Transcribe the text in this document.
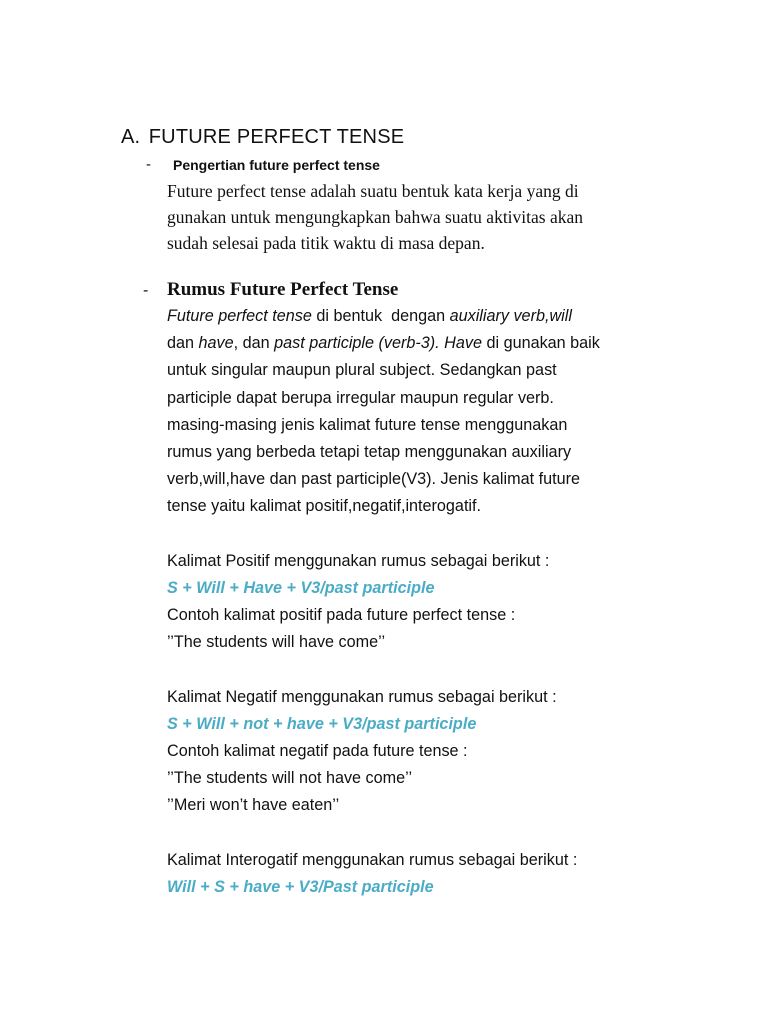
A. FUTURE PERFECT TENSE
- Pengertian future perfect tense
Future perfect tense adalah suatu bentuk kata kerja yang di
gunakan untuk mengungkapkan bahwa suatu aktivitas akan
sudah selesai pada titik waktu di masa depan.
- Rumus Future Perfect Tense
Future perfect tense di bentuk  dengan auxiliary verb,will
dan have, dan past participle (verb-3). Have di gunakan baik
untuk singular maupun plural subject. Sedangkan past
participle dapat berupa irregular maupun regular verb.
masing-masing jenis kalimat future tense menggunakan
rumus yang berbeda tetapi tetap menggunakan auxiliary
verb,will,have dan past participle(V3). Jenis kalimat future
tense yaitu kalimat positif,negatif,interogatif.
Kalimat Positif menggunakan rumus sebagai berikut :
S + Will + Have + V3/past participle
Contoh kalimat positif pada future perfect tense :
’’The students will have come’’
Kalimat Negatif menggunakan rumus sebagai berikut :
S + Will + not + have + V3/past participle
Contoh kalimat negatif pada future tense :
’’The students will not have come’’
’’Meri won’t have eaten’’
Kalimat Interogatif menggunakan rumus sebagai berikut :
Will + S + have + V3/Past participle
